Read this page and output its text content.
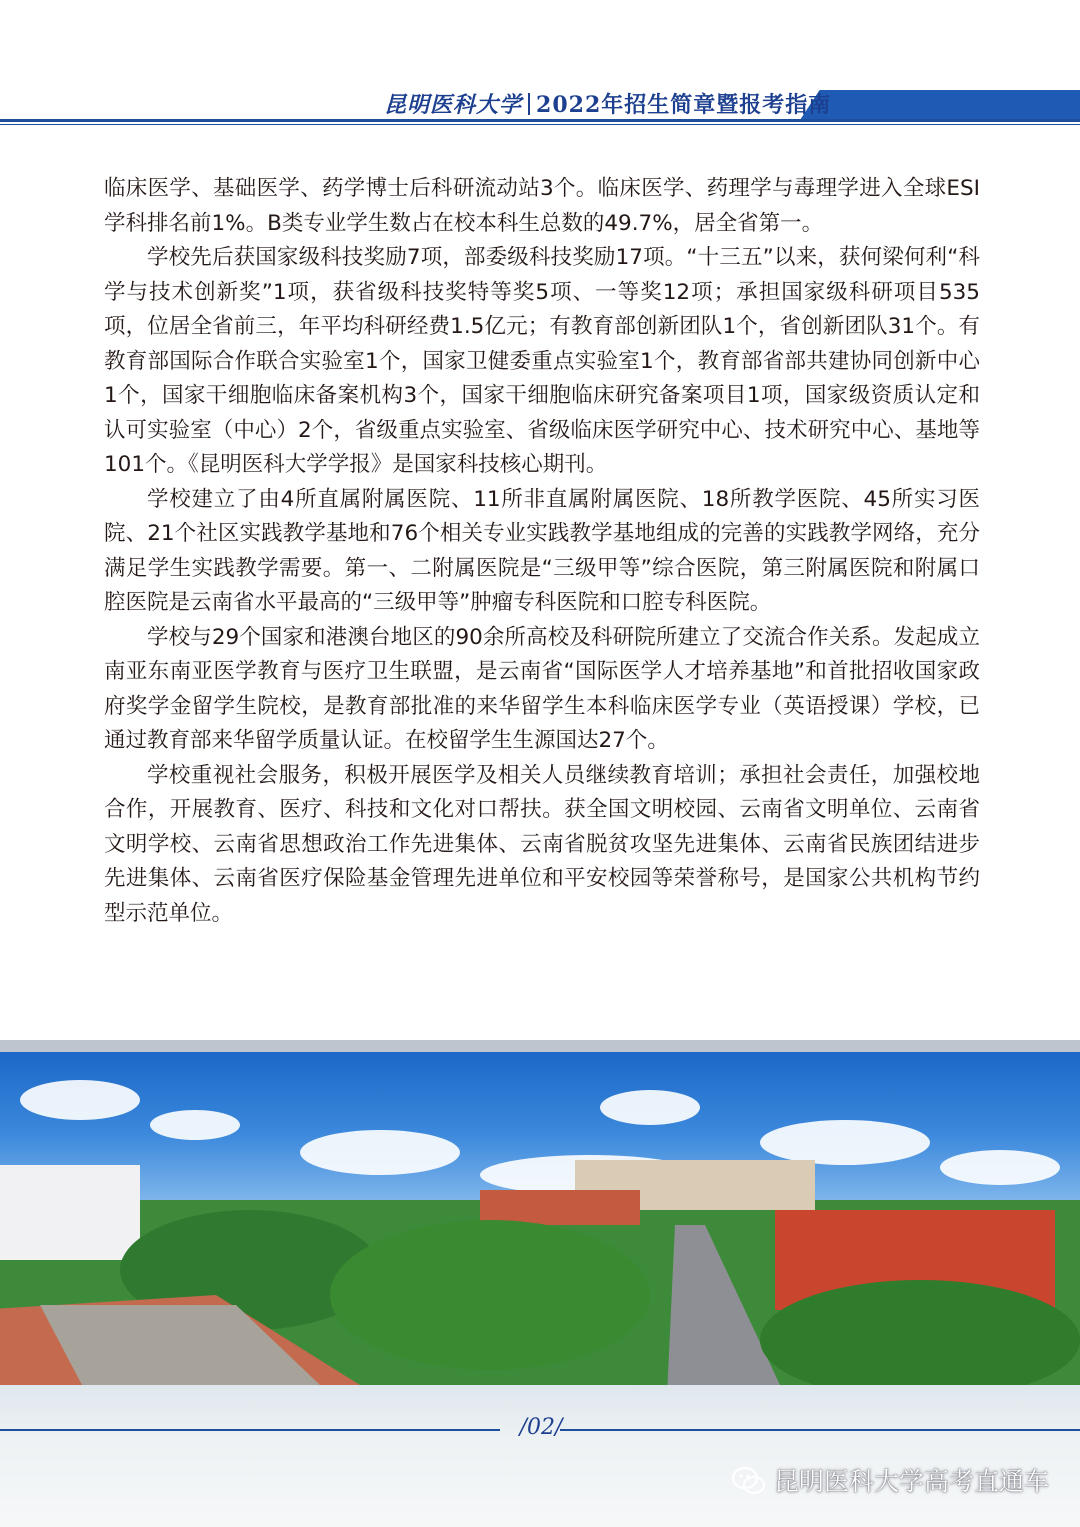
昆明医科大学 2022年招生简章暨报考指南

临床医学、基础医学、药学博士后科研流动站3个。临床医学、药理学与毒理学进入全球ESI学科排名前1%。B类专业学生数占在校本科生总数的49.7%，居全省第一。

学校先后获国家级科技奖励7项，部委级科技奖励17项。“十三五”以来，获何梁何利“科学与技术创新奖”1项，获省级科技奖特等奖5项、一等奖12项；承担国家级科研项目535项，位居全省前三，年平均科研经费1.5亿元；有教育部创新团队1个，省创新团队31个。有教育部国际合作联合实验室1个，国家卫健委重点实验室1个，教育部省部共建协同创新中心1个，国家干细胞临床备案机构3个，国家干细胞临床研究备案项目1项，国家级资质认定和认可实验室（中心）2个，省级重点实验室、省级临床医学研究中心、技术研究中心、基地等101个。《昆明医科大学学报》是国家科技核心期刊。

学校建立了由4所直属附属医院、11所非直属附属医院、18所教学医院、45所实习医院、21个社区实践教学基地和76个相关专业实践教学基地组成的完善的实践教学网络，充分满足学生实践教学需要。第一、二附属医院是“三级甲等”综合医院，第三附属医院和附属口腔医院是云南省水平最高的“三级甲等”肿瘤专科医院和口腔专科医院。

学校与29个国家和港澳台地区的90余所高校及科研院所建立了交流合作关系。发起成立南亚东南亚医学教育与医疗卫生联盟，是云南省“国际医学人才培养基地”和首批招收国家政府奖学金留学生院校，是教育部批准的来华留学生本科临床医学专业（英语授课）学校，已通过教育部来华留学质量认证。在校留学生生源国达27个。

学校重视社会服务，积极开展医学及相关人员继续教育培训；承担社会责任，加强校地合作，开展教育、医疗、科技和文化对口帮扶。获全国文明校园、云南省文明单位、云南省文明学校、云南省思想政治工作先进集体、云南省脱贫攻坚先进集体、云南省民族团结进步先进集体、云南省医疗保险基金管理先进单位和平安校园等荣誉称号，是国家公共机构节约型示范单位。

/02/
昆明医科大学高考直通车
